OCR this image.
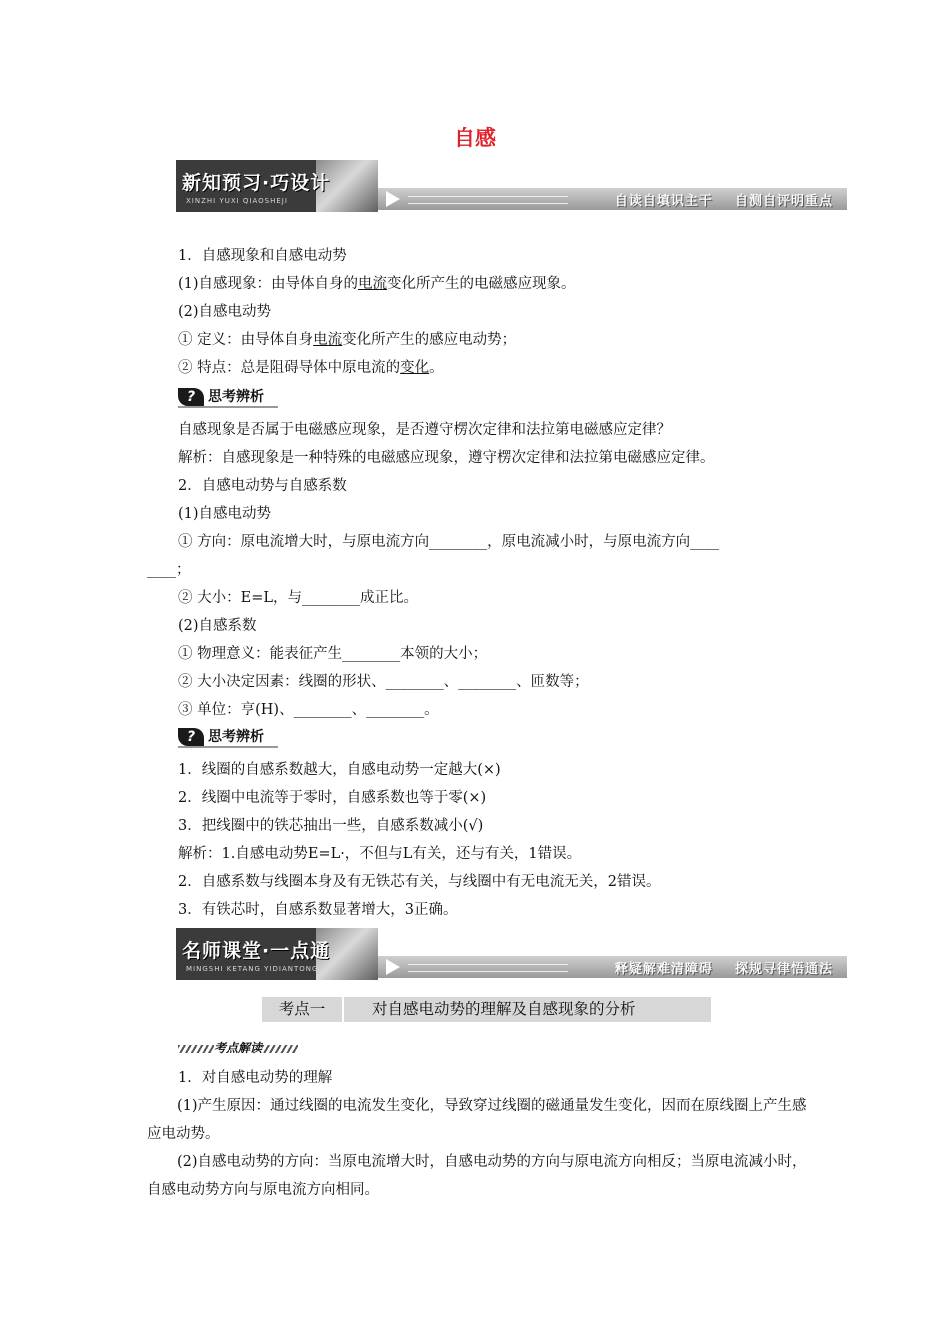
自感
新知预习·巧设计
XINZHI YUXI QIAOSHEJI	自读自填识主干    自测自评明重点
1．自感现象和自感电动势
(1)自感现象：由导体自身的电流变化所产生的电磁感应现象。
(2)自感电动势
① 定义：由导体自身电流变化所产生的感应电动势；
② 特点：总是阻碍导体中原电流的变化。
? 思考辨析
自感现象是否属于电磁感应现象，是否遵守楞次定律和法拉第电磁感应定律？
解析：自感现象是一种特殊的电磁感应现象，遵守楞次定律和法拉第电磁感应定律。
2．自感电动势与自感系数
(1)自感电动势
① 方向：原电流增大时，与原电流方向________，原电流减小时，与原电流方向____
____；
② 大小：E=L，与________成正比。
(2)自感系数
① 物理意义：能表征产生________本领的大小；
② 大小决定因素：线圈的形状、________、________、匝数等；
③ 单位：亨(H)、________、________。
? 思考辨析
1．线圈的自感系数越大，自感电动势一定越大(×)
2．线圈中电流等于零时，自感系数也等于零(×)
3．把线圈中的铁芯抽出一些，自感系数减小(√)
解析：1.自感电动势E=L·，不但与L有关，还与有关，1错误。
2．自感系数与线圈本身及有无铁芯有关，与线圈中有无电流无关，2错误。
3．有铁芯时，自感系数显著增大，3正确。
名师课堂·一点通
MINGSHI KETANG YIDIANTONG	释疑解难清障碍    探规寻律悟通法
考点一	对自感电动势的理解及自感现象的分析
考点解读
1．对自感电动势的理解
(1)产生原因：通过线圈的电流发生变化，导致穿过线圈的磁通量发生变化，因而在原线圈上产生感应电动势。
(2)自感电动势的方向：当原电流增大时，自感电动势的方向与原电流方向相反；当原电流减小时，自感电动势方向与原电流方向相同。
